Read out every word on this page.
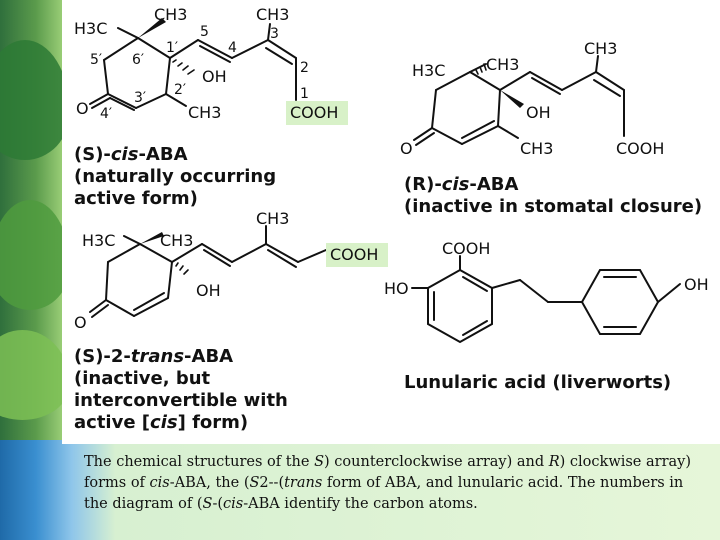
H3C
CH3	CH3
OH
CH3
O	COOH
5
4
3
1
2
5′ 6′
1′
2′
3′
4′
H3C	CH3
CH3
OH
CH3
O	COOH
H3C	CH3
CH3
OH
O
COOH	COOH
HO	OH
(S)-cis-ABA
(naturally occurring
active form)
(R)-cis-ABA
(inactive in stomatal closure)
(S)-2-trans-ABA
(inactive, but
interconvertible with
active [cis] form)
Lunularic acid (liverworts)
The chemical structures of the S) counterclockwise array) and R) clockwise array) forms of cis-ABA, the (S2--(trans form of ABA, and lunularic acid. The numbers in the diagram of (S-(cis-ABA identify the carbon atoms.
